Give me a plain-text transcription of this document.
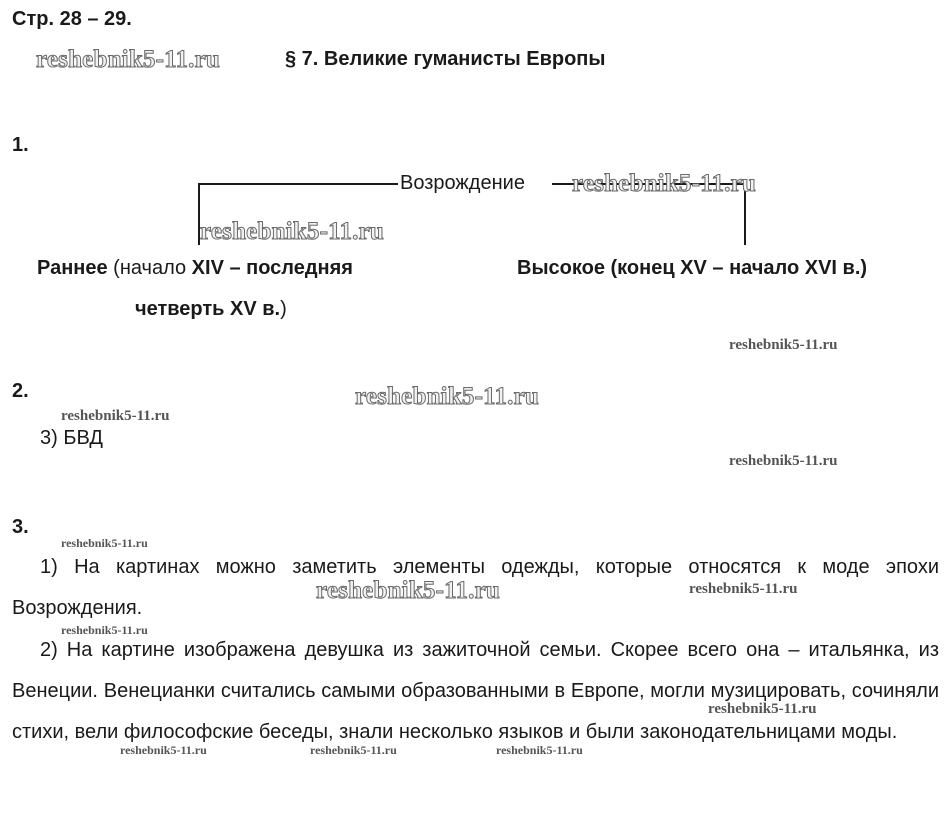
Стр. 28 – 29.
reshebnik5-11.ru	§ 7. Великие гуманисты Европы
1.
Возрождение reshebnik5-11.ru
reshebnik5-11.ru
Раннее (начало XIV – последняя
четверть XV в.)
Высокое (конец XV – начало XVI в.)
reshebnik5-11.ru
2.	reshebnik5-11.ru
reshebnik5-11.ru
3) БВД
reshebnik5-11.ru
3.
reshebnik5-11.ru
1) На картинах можно заметить элементы одежды, которые относятся к моде эпохи Возрождения.
reshebnik5-11.ru	reshebnik5-11.ru
reshebnik5-11.ru
2) На картине изображена девушка из зажиточной семьи. Скорее всего она – итальянка, из Венеции. Венецианки считались самыми образованными в Европе, могли музицировать, сочиняли стихи, вели философские беседы, знали несколько языков и были законодательницами моды.
reshebnik5-11.ru
reshebnik5-11.ru	reshebnik5-11.ru	reshebnik5-11.ru
